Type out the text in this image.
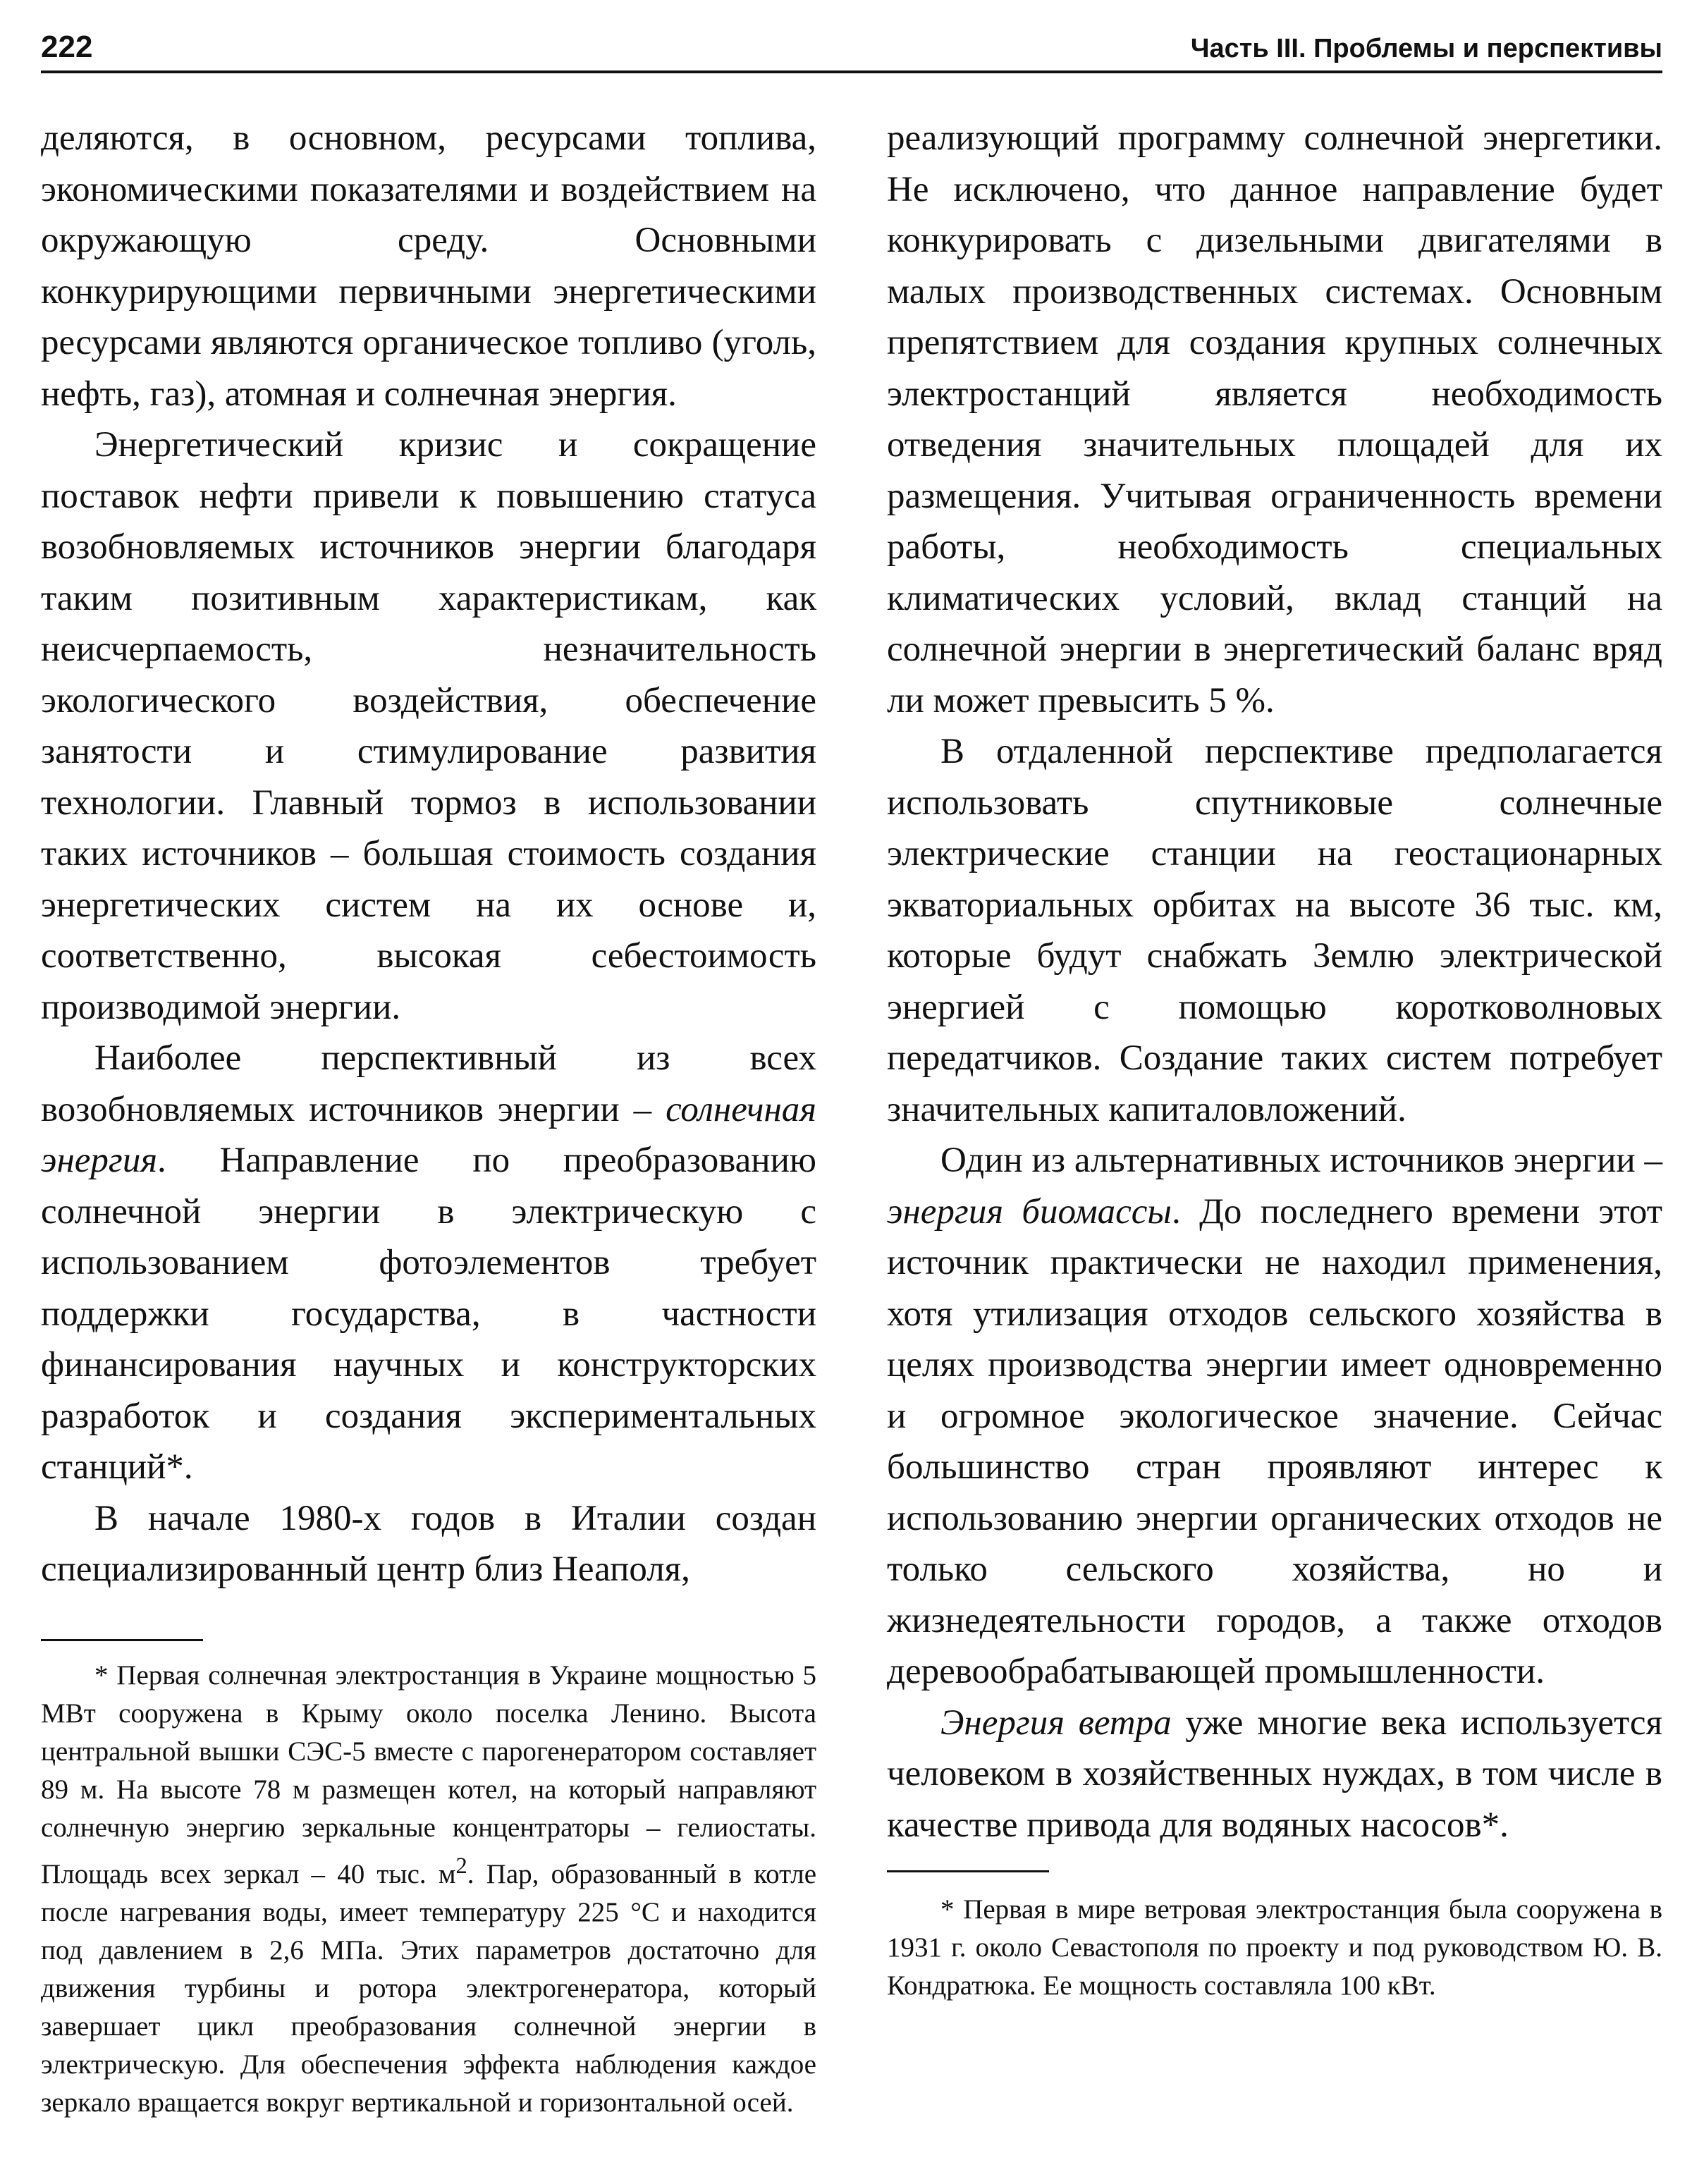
222	Часть III. Проблемы и перспективы

деляются, в основном, ресурсами топлива, экономическими показателями и воздействием на окружающую среду. Основными конкурирующими первичными энергетическими ресурсами являются органическое топливо (уголь, нефть, газ), атомная и солнечная энергия.

Энергетический кризис и сокращение поставок нефти привели к повышению статуса возобновляемых источников энергии благодаря таким позитивным характеристикам, как неисчерпаемость, незначительность экологического воздействия, обеспечение занятости и стимулирование развития технологии. Главный тормоз в использовании таких источников – большая стоимость создания энергетических систем на их основе и, соответственно, высокая себестоимость производимой энергии.

Наиболее перспективный из всех возобновляемых источников энергии – солнечная энергия. Направление по преобразованию солнечной энергии в электрическую с использованием фотоэлементов требует поддержки государства, в частности финансирования научных и конструкторских разработок и создания экспериментальных станций*.

В начале 1980-х годов в Италии создан специализированный центр близ Неаполя,

* Первая солнечная электростанция в Украине мощностью 5 МВт сооружена в Крыму около поселка Ленино. Высота центральной вышки СЭС-5 вместе с парогенератором составляет 89 м. На высоте 78 м размещен котел, на который направляют солнечную энергию зеркальные концентраторы – гелиостаты. Площадь всех зеркал – 40 тыс. $м^2$. Пар, образованный в котле после нагревания воды, имеет температуру 225 °С и находится под давлением в 2,6 МПа. Этих параметров достаточно для движения турбины и ротора электрогенератора, который завершает цикл преобразования солнечной энергии в электрическую. Для обеспечения эффекта наблюдения каждое зеркало вращается вокруг вертикальной и горизонтальной осей.

реализующий программу солнечной энергетики. Не исключено, что данное направление будет конкурировать с дизельными двигателями в малых производственных системах. Основным препятствием для создания крупных солнечных электростанций является необходимость отведения значительных площадей для их размещения. Учитывая ограниченность времени работы, необходимость специальных климатических условий, вклад станций на солнечной энергии в энергетический баланс вряд ли может превысить 5 %.

В отдаленной перспективе предполагается использовать спутниковые солнечные электрические станции на геостационарных экваториальных орбитах на высоте 36 тыс. км, которые будут снабжать Землю электрической энергией с помощью коротковолновых передатчиков. Создание таких систем потребует значительных капиталовложений.

Один из альтернативных источников энергии – энергия биомассы. До последнего времени этот источник практически не находил применения, хотя утилизация отходов сельского хозяйства в целях производства энергии имеет одновременно и огромное экологическое значение. Сейчас большинство стран проявляют интерес к использованию энергии органических отходов не только сельского хозяйства, но и жизнедеятельности городов, а также отходов деревообрабатывающей промышленности.

Энергия ветра уже многие века используется человеком в хозяйственных нуждах, в том числе в качестве привода для водяных насосов*.

* Первая в мире ветровая электростанция была сооружена в 1931 г. около Севастополя по проекту и под руководством Ю. В. Кондратюка. Ее мощность составляла 100 кВт.
